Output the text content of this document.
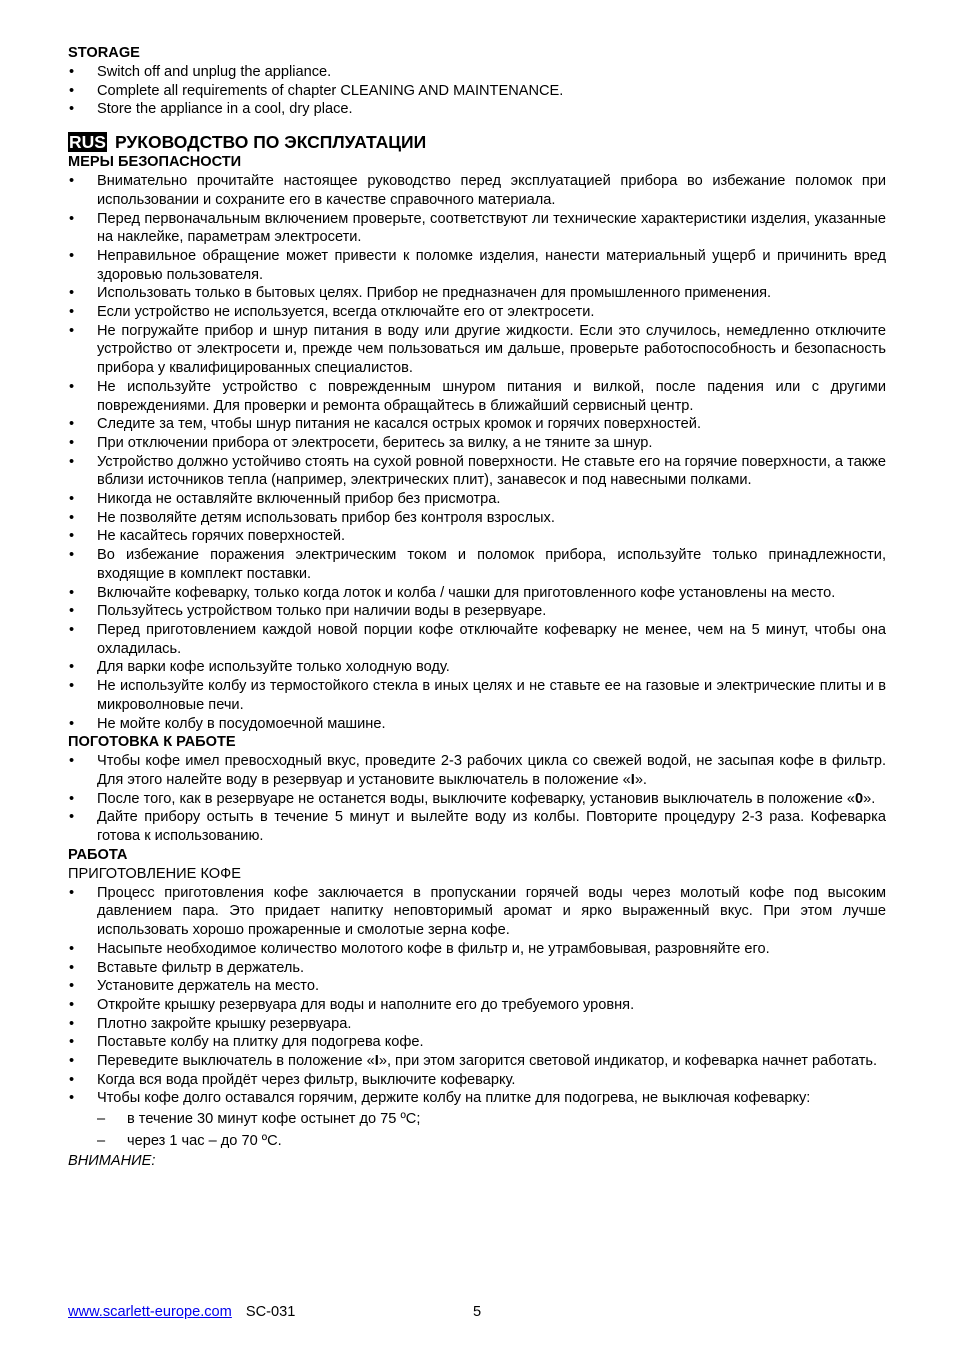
STORAGE

• Switch off and unplug the appliance.
• Complete all requirements of chapter CLEANING AND MAINTENANCE.
• Store the appliance in a cool, dry place.
RUS РУКОВОДСТВО ПО ЭКСПЛУАТАЦИИ

МЕРЫ БЕЗОПАСНОСТИ

• Внимательно прочитайте настоящее руководство перед эксплуатацией прибора во избежание поломок при использовании и сохраните его в качестве справочного материала.
• Перед первоначальным включением проверьте, соответствуют ли технические характеристики изделия, указанные на наклейке, параметрам электросети.
• Неправильное обращение может привести к поломке изделия, нанести материальный ущерб и причинить вред здоровью пользователя.
• Использовать только в бытовых целях. Прибор не предназначен для промышленного применения.
• Если устройство не используется, всегда отключайте его от электросети.
• Не погружайте прибор и шнур питания в воду или другие жидкости. Если это случилось, немедленно отключите устройство от электросети и, прежде чем пользоваться им дальше, проверьте работоспособность и безопасность прибора у квалифицированных специалистов.
• Не используйте устройство с поврежденным шнуром питания и вилкой, после падения или с другими повреждениями. Для проверки и ремонта обращайтесь в ближайший сервисный центр.
• Следите за тем, чтобы шнур питания не касался острых кромок и горячих поверхностей.
• При отключении прибора от электросети, беритесь за вилку, а не тяните за шнур.
• Устройство должно устойчиво стоять на сухой ровной поверхности. Не ставьте его на горячие поверхности, а также вблизи источников тепла (например, электрических плит), занавесок и под навесными полками.
• Никогда не оставляйте включенный прибор без присмотра.
• Не позволяйте детям использовать прибор без контроля взрослых.
• Не касайтесь горячих поверхностей.
• Во избежание поражения электрическим током и поломок прибора, используйте только принадлежности, входящие в комплект поставки.
• Включайте кофеварку, только когда лоток и колба / чашки для приготовленного кофе установлены на место.
• Пользуйтесь устройством только при наличии воды в резервуаре.
• Перед приготовлением каждой новой порции кофе отключайте кофеварку не менее, чем на 5 минут, чтобы она охладилась.
• Для варки кофе используйте только холодную воду.
• Не используйте колбу из термостойкого стекла в иных целях и не ставьте ее на газовые и электрические плиты и в микроволновые печи.
• Не мойте колбу в посудомоечной машине.

ПОГОТОВКА К РАБОТЕ

• Чтобы кофе имел превосходный вкус, проведите 2-3 рабочих цикла со свежей водой, не засыпая кофе в фильтр. Для этого налейте воду в резервуар и установите выключатель в положение «I».
• После того, как в резервуаре не останется воды, выключите кофеварку, установив выключатель в положение «0».
• Дайте прибору остыть в течение 5 минут и вылейте воду из колбы. Повторите процедуру 2-3 раза. Кофеварка готова к использованию.

РАБОТА

ПРИГОТОВЛЕНИЕ КОФЕ

• Процесс приготовления кофе заключается в пропускании горячей воды через молотый кофе под высоким давлением пара. Это придает напитку неповторимый аромат и ярко выраженный вкус. При этом лучше использовать хорошо прожаренные и смолотые зерна кофе.
• Насыпьте необходимое количество молотого кофе в фильтр и, не утрамбовывая, разровняйте его.
• Вставьте фильтр в держатель.
• Установите держатель на место.
• Откройте крышку резервуара для воды и наполните его до требуемого уровня.
• Плотно закройте крышку резервуара.
• Поставьте колбу на плитку для подогрева кофе.
• Переведите выключатель в положение «I», при этом загорится световой индикатор, и кофеварка начнет работать.
• Когда вся вода пройдёт через фильтр, выключите кофеварку.
• Чтобы кофе долго оставался горячим, держите колбу на плитке для подогрева, не выключая кофеварку:
– в течение 30 минут кофе остынет до 75 ºС;
– через 1 час – до 70 ºС.

ВНИМАНИЕ:

www.scarlett-europe.com SC-031	5
